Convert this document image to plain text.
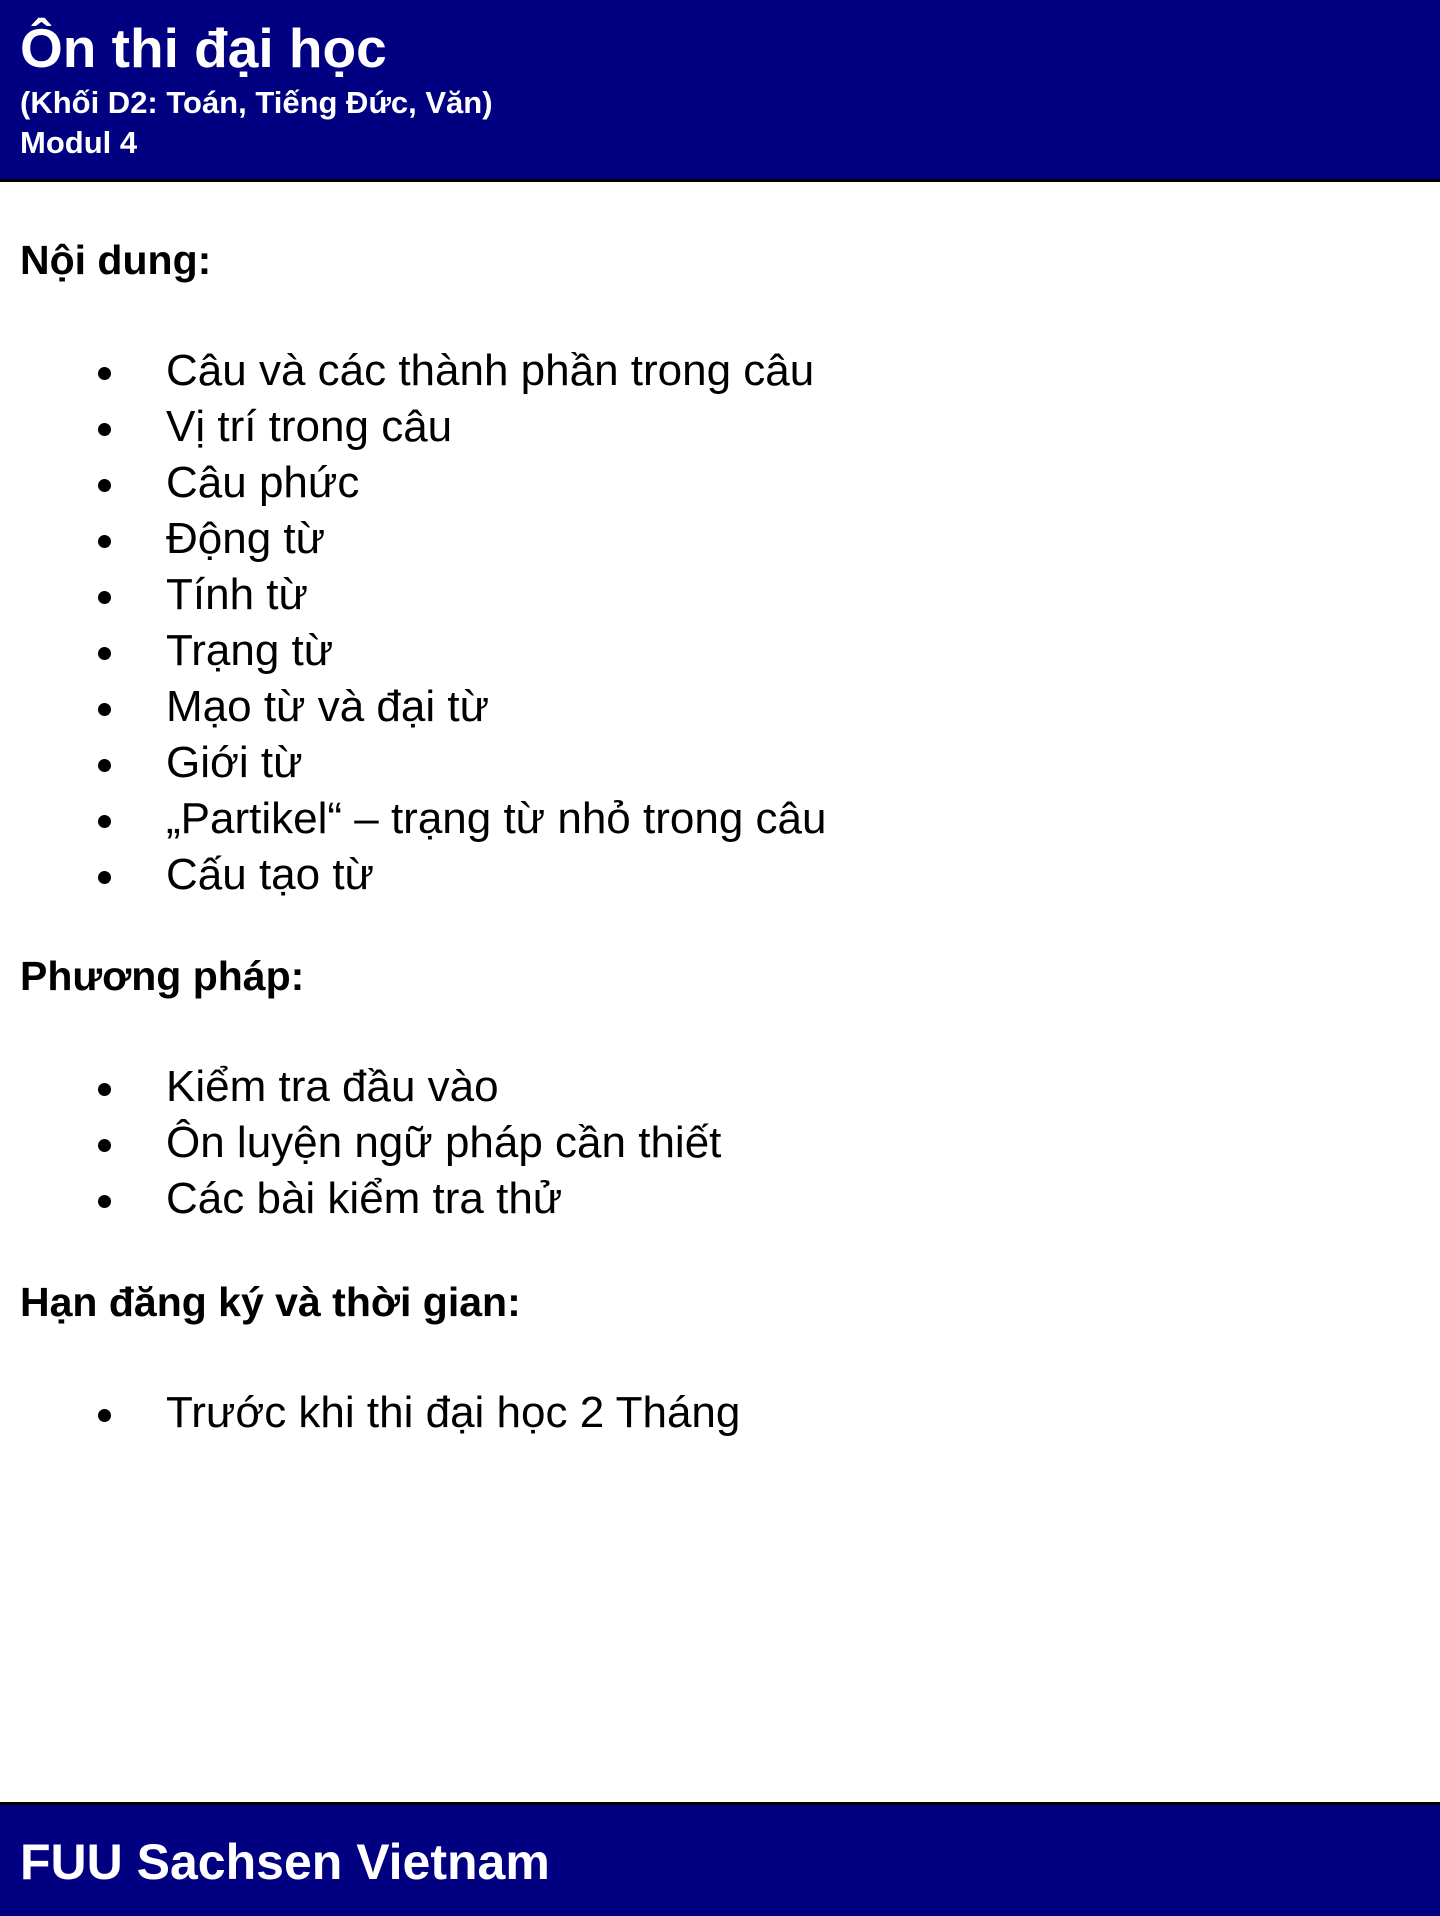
Ôn thi đại học
(Khối D2: Toán, Tiếng Đức, Văn)
Modul 4
Nội dung:
Câu và các thành phần trong câu
Vị trí trong câu
Câu phức
Động từ
Tính từ
Trạng từ
Mạo từ và đại từ
Giới từ
„Partikel“ – trạng từ nhỏ trong câu
Cấu tạo từ
Phương pháp:
Kiểm tra đầu vào
Ôn luyện ngữ pháp cần thiết
Các bài kiểm tra thử
Hạn đăng ký và thời gian:
Trước khi thi đại học 2 Tháng
FUU Sachsen Vietnam
